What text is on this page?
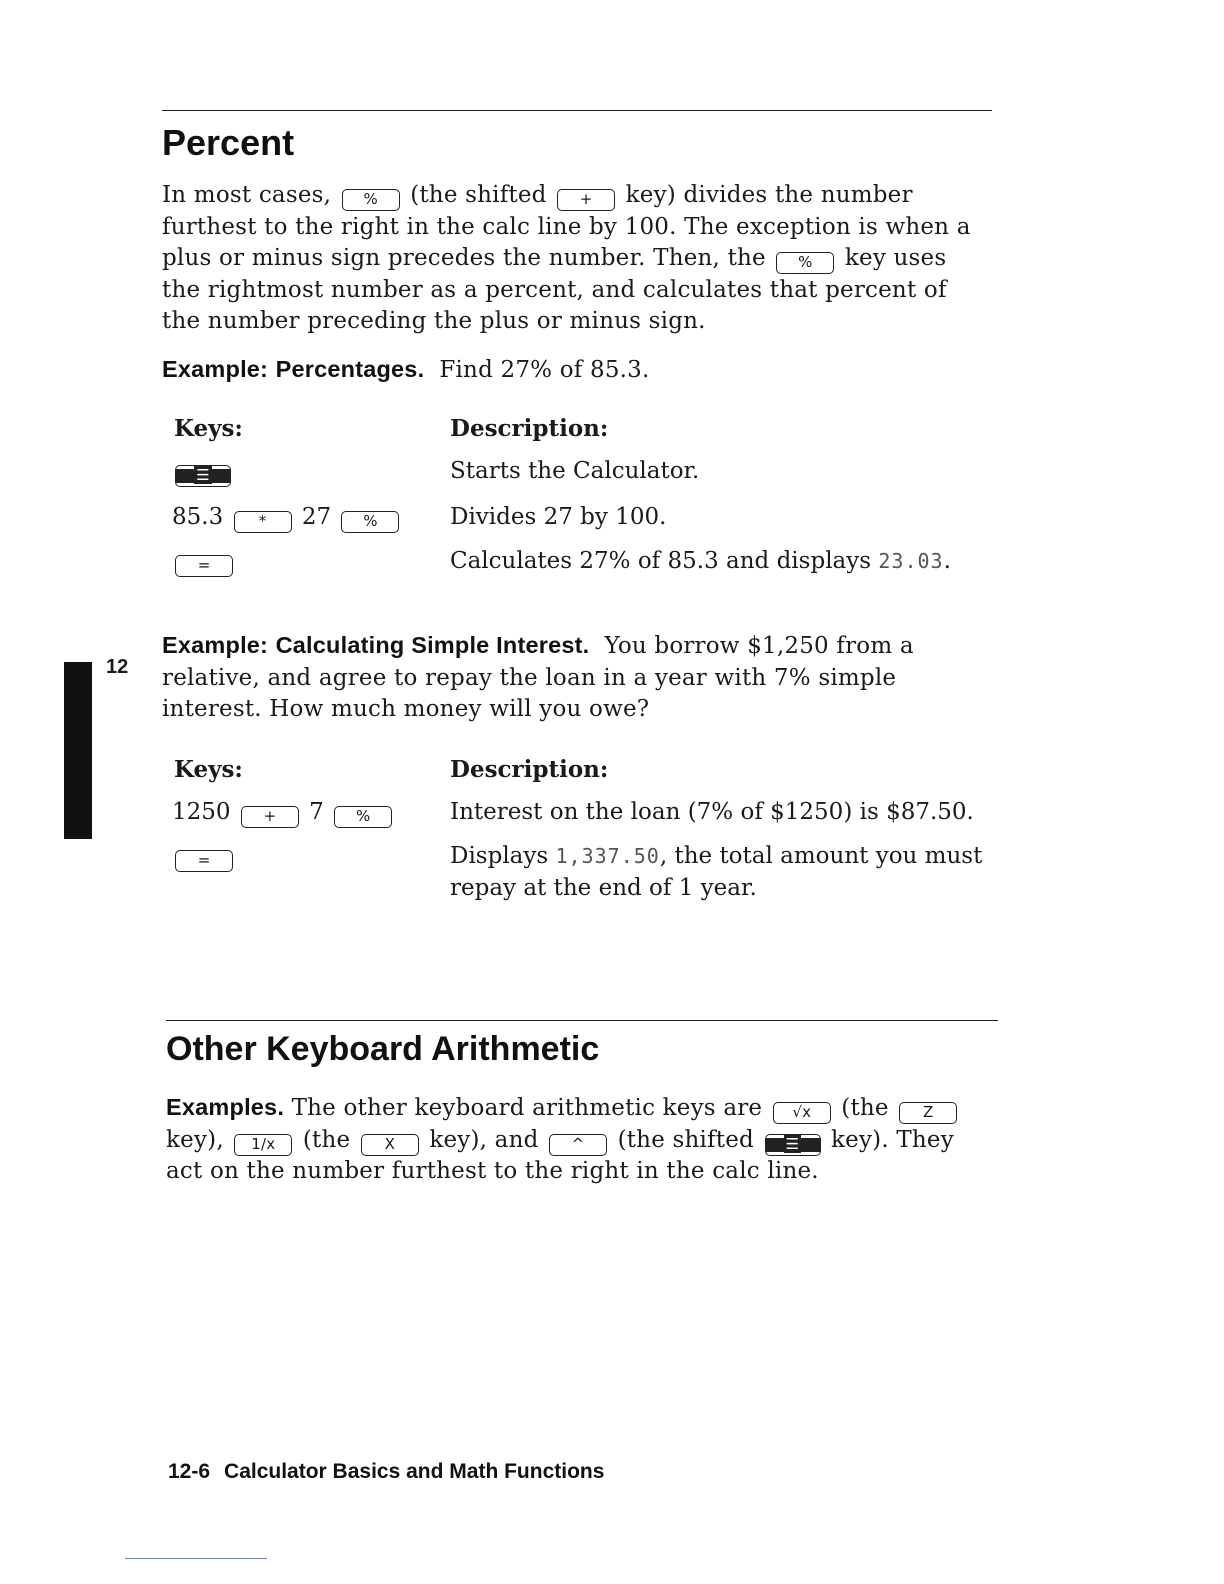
Percent

In most cases, % (the shifted + key) divides the number furthest to the right in the calc line by 100. The exception is when a plus or minus sign precedes the number. Then, the % key uses the rightmost number as a percent, and calculates that percent of the number preceding the plus or minus sign.

Example: Percentages. Find 27% of 85.3.

Keys:	Description:

☰	Starts the Calculator.

85.3 * 27 %	Divides 27 by 100.

=	Calculates 27% of 85.3 and displays 23.03.

Example: Calculating Simple Interest. You borrow $1,250 from a relative, and agree to repay the loan in a year with 7% simple interest. How much money will you owe?

Keys:	Description:

1250 + 7 %	Interest on the loan (7% of $1250) is $87.50.

=	Displays 1,337.50, the total amount you must repay at the end of 1 year.

Other Keyboard Arithmetic

Examples. The other keyboard arithmetic keys are √x (the Z key), 1/x (the X key), and ^ (the shifted ☰ key). They act on the number furthest to the right in the calc line.

12

12-6 Calculator Basics and Math Functions
